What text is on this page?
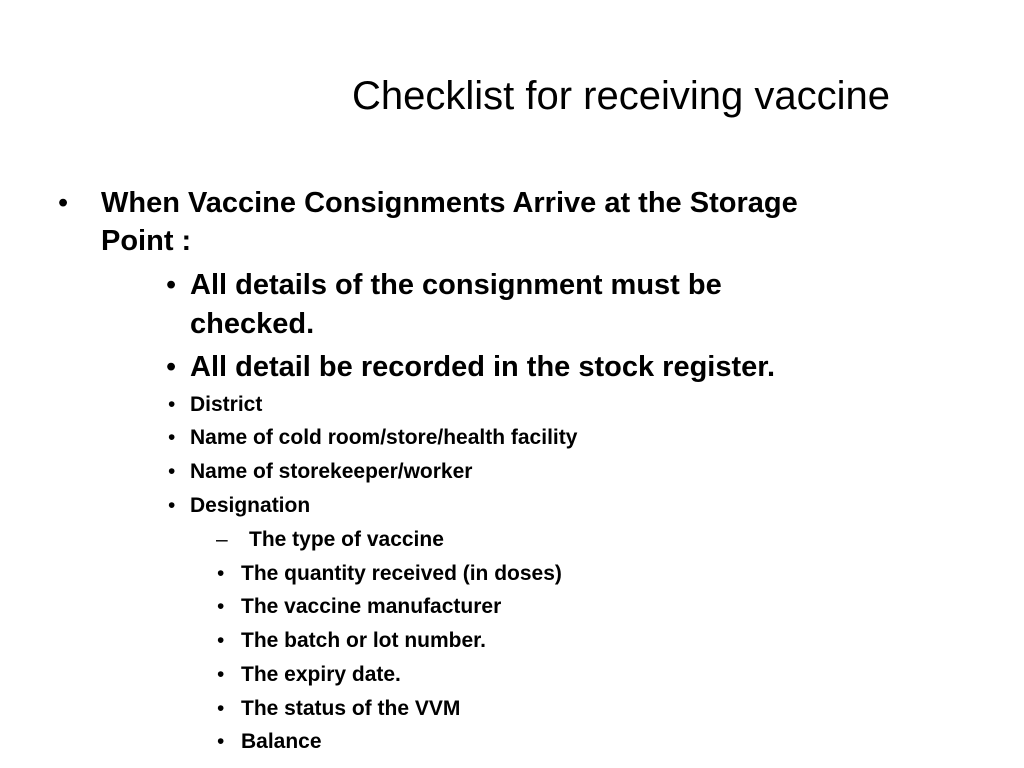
Checklist for receiving vaccine
• When Vaccine Consignments Arrive at the Storage
Point :
• All details of the consignment must be
checked.
• All detail be recorded in the stock register.
• District
• Name of cold room/store/health facility
• Name of storekeeper/worker
• Designation
– The type of vaccine
• The quantity received (in doses)
• The vaccine manufacturer
• The batch or lot number.
• The expiry date.
• The status of the VVM
• Balance
